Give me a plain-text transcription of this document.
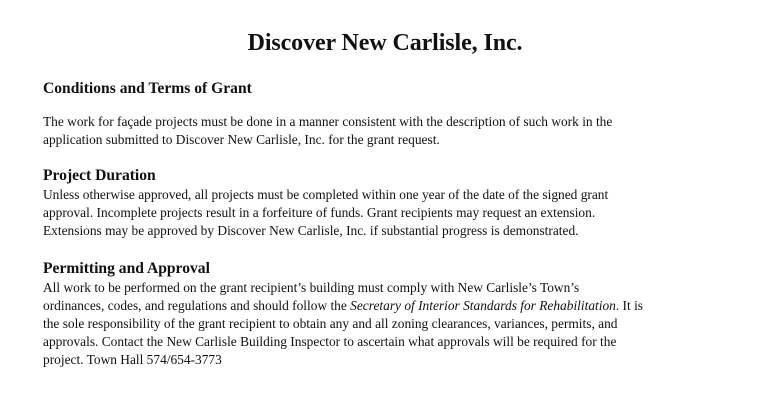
Discover New Carlisle, Inc.

Conditions and Terms of Grant

The work for façade projects must be done in a manner consistent with the description of such work in the
application submitted to Discover New Carlisle, Inc. for the grant request.

Project Duration

Unless otherwise approved, all projects must be completed within one year of the date of the signed grant
approval. Incomplete projects result in a forfeiture of funds. Grant recipients may request an extension.
Extensions may be approved by Discover New Carlisle, Inc. if substantial progress is demonstrated.

Permitting and Approval

All work to be performed on the grant recipient’s building must comply with New Carlisle’s Town’s
ordinances, codes, and regulations and should follow the Secretary of Interior Standards for Rehabilitation. It is
the sole responsibility of the grant recipient to obtain any and all zoning clearances, variances, permits, and
approvals. Contact the New Carlisle Building Inspector to ascertain what approvals will be required for the
project. Town Hall 574/654-3773
